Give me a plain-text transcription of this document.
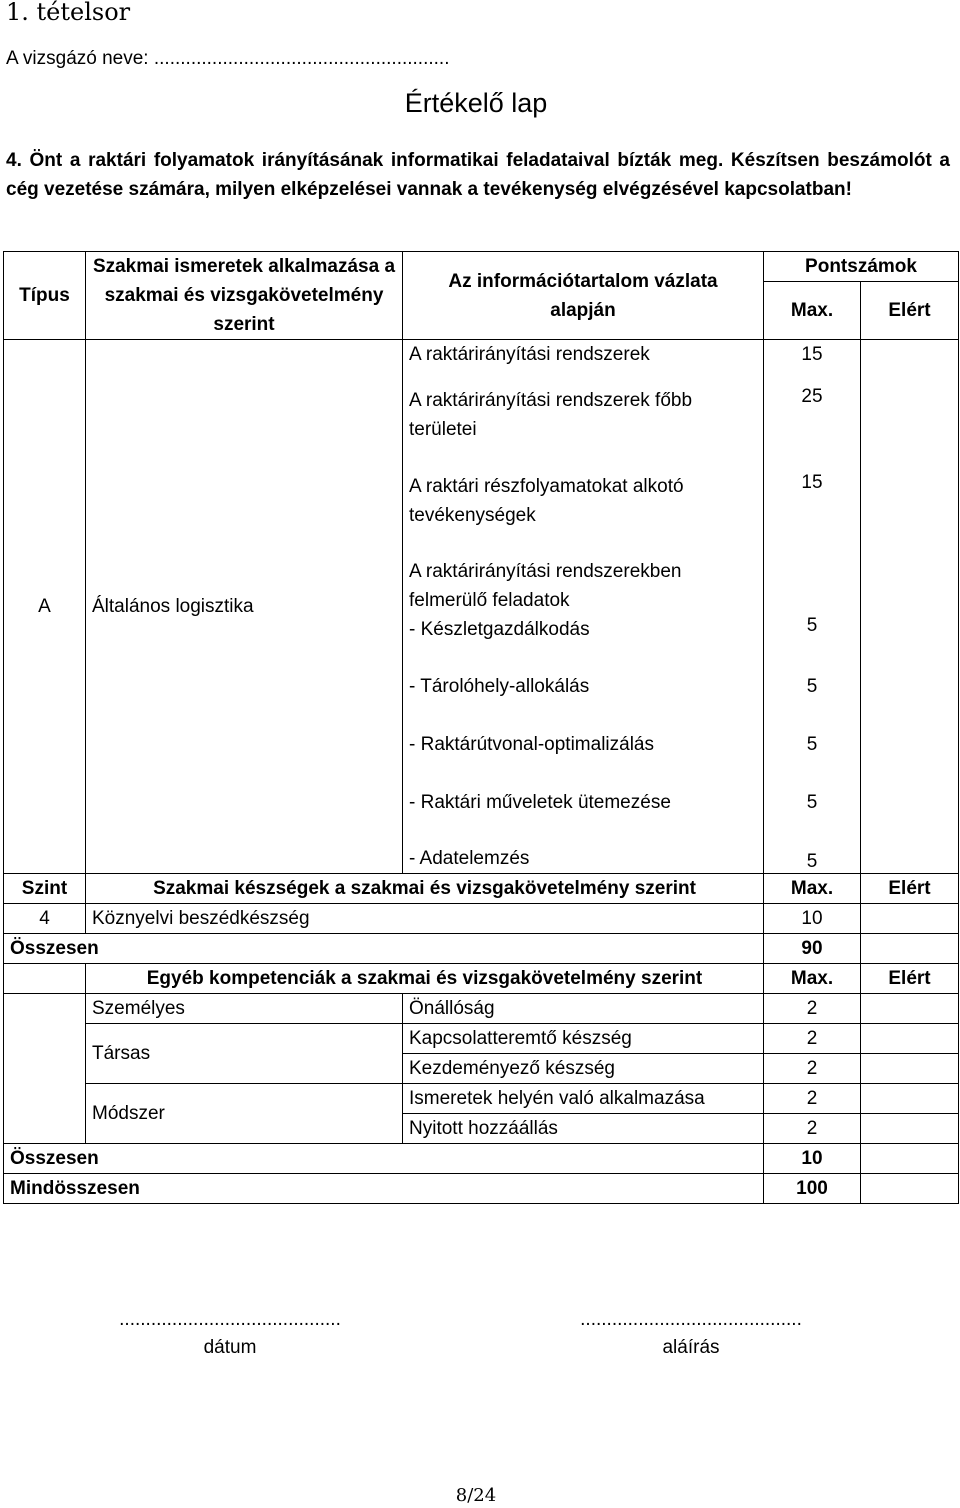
1. tételsor
A vizsgázó neve: ........................................................
Értékelő lap

4. Önt a raktári folyamatok irányításának informatikai feladataival bízták meg. Készítsen beszámolót a cég vezetése számára, milyen elképzelései vannak a tevékenység elvégzésével kapcsolatban!

Típus	Szakmai ismeretek alkalmazása a szakmai és vizsgakövetelmény szerint	Az információtartalom vázlata alapján	Pontszámok	
			Max.	Elért
A	Általános logisztika	A raktárirányítási rendszerek	15	
		A raktárirányítási rendszerek főbb
területei	25	
		A raktári részfolyamatokat alkotó
tevékenységek	15	
		A raktárirányítási rendszerekben
felmerülő feladatok		
		- Készletgazdálkodás	5	
		- Tárolóhely-allokálás	5	
		- Raktárútvonal-optimalizálás	5	
		- Raktári műveletek ütemezése	5	
		- Adatelemzés	5	
Szint	Szakmai készségek a szakmai és vizsgakövetelmény szerint		Max.	Elért
4	Köznyelvi beszédkészség		10	
Összesen			90	
	Egyéb kompetenciák a szakmai és vizsgakövetelmény szerint		Max.	Elért
	Személyes	Önállóság	2	
	Társas	Kapcsolatteremtő készség	2	
		Kezdeményező készség	2	
	Módszer	Ismeretek helyén való alkalmazása	2	
		Nyitott hozzáállás	2	
Összesen			10	
Mindösszesen			100	
..........................................
dátum
..........................................
aláírás
8/24
